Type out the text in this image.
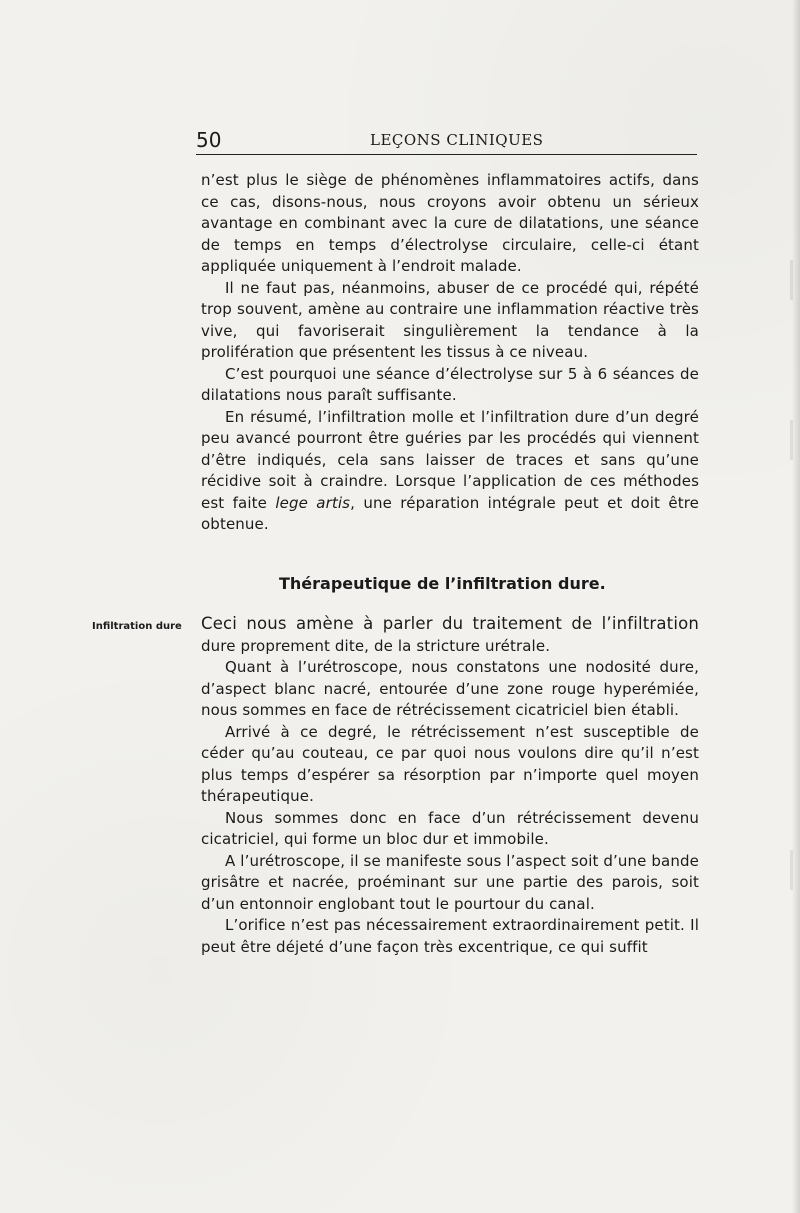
50	LEÇONS CLINIQUES

n’est plus le siège de phénomènes inflammatoires actifs, dans ce cas, disons-nous, nous croyons avoir obtenu un sérieux avantage en combinant avec la cure de dilatations, une séance de temps en temps d’électrolyse circulaire, celle-ci étant appliquée uniquement à l’endroit malade.

Il ne faut pas, néanmoins, abuser de ce procédé qui, répété trop souvent, amène au contraire une inflammation réactive très vive, qui favoriserait singulièrement la tendance à la prolifération que présentent les tissus à ce niveau.

C’est pourquoi une séance d’électrolyse sur 5 à 6 séances de dilatations nous paraît suffisante.

En résumé, l’infiltration molle et l’infiltration dure d’un degré peu avancé pourront être guéries par les procédés qui viennent d’être indiqués, cela sans laisser de traces et sans qu’une récidive soit à craindre. Lorsque l’application de ces méthodes est faite lege artis, une réparation intégrale peut et doit être obtenue.

Thérapeutique de l’infiltration dure.
Infiltration dure Ceci nous amène à parler du traitement de l’infiltration dure proprement dite, de la stricture urétrale.

Quant à l’urétroscope, nous constatons une nodosité dure, d’aspect blanc nacré, entourée d’une zone rouge hyperémiée, nous sommes en face de rétrécissement cicatriciel bien établi.

Arrivé à ce degré, le rétrécissement n’est susceptible de céder qu’au couteau, ce par quoi nous voulons dire qu’il n’est plus temps d’espérer sa résorption par n’importe quel moyen thérapeutique.

Nous sommes donc en face d’un rétrécissement devenu cicatriciel, qui forme un bloc dur et immobile.

A l’urétroscope, il se manifeste sous l’aspect soit d’une bande grisâtre et nacrée, proéminant sur une partie des parois, soit d’un entonnoir englobant tout le pourtour du canal.

L’orifice n’est pas nécessairement extraordinairement petit. Il peut être déjeté d’une façon très excentrique, ce qui suffit
